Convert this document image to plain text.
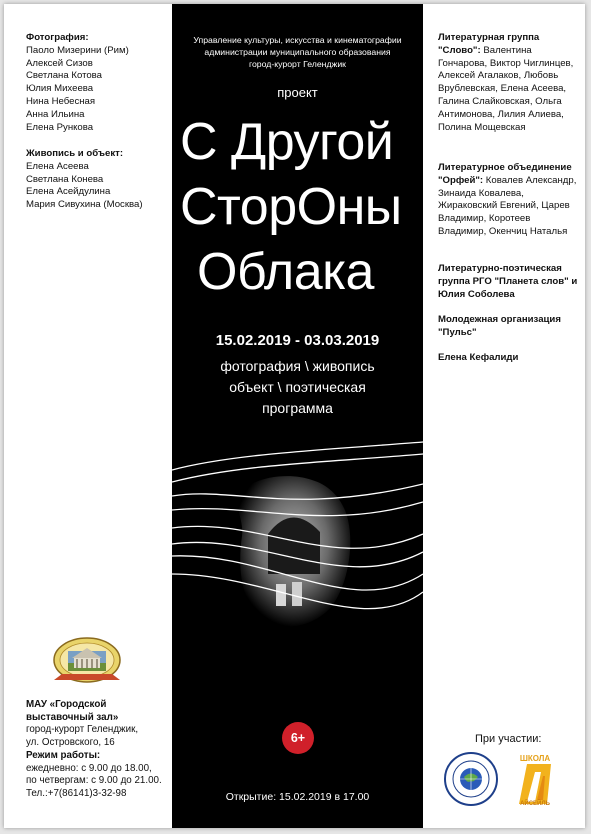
Фотография:
Паоло Мизерини (Рим)
Алексей Сизов
Светлана Котова
Юлия Михеева
Нина Небесная
Анна Ильина
Елена Рункова
Живопись и объект:
Елена Асеева
Светлана Конева
Елена Асейдулина
Мария Сивухина (Москва)
МАУ «Городской
выставочный зал»
город-курорт Геленджик,
ул. Островского, 16
Режим работы:
ежедневно: с 9.00 до 18.00,
по четвергам: с 9.00 до 21.00.
Тел.:+7(86141)3-32-98
Управление культуры, искусства и кинематографии
администрации муниципального образования
город-курорт Геленджик
проект
С Другой
СторОны
Облака
15.02.2019 - 03.03.2019
фотография \ живопись
объект \ поэтическая
программа
6+
Открытие: 15.02.2019 в 17.00
Литературная группа "Слово": Валентина Гончарова, Виктор Чиглинцев, Алексей Агалаков, Любовь Врублевская, Елена Асеева, Галина Слайковская, Ольга Антимонова, Лилия Алиева, Полина Мощевская
Литературное объединение "Орфей": Ковалев Александр, Зинаида Ковалева, Жираковский Евгений, Царев Владимир, Коротеев Владимир, Окенчиц Наталья
Литературно-поэтическая группа РГО "Планета слов" и Юлия Соболева
Молодежная организация "Пульс"
Елена Кефалиди
При участии:
ШКОЛА
АЙСЕЙЛЬ
